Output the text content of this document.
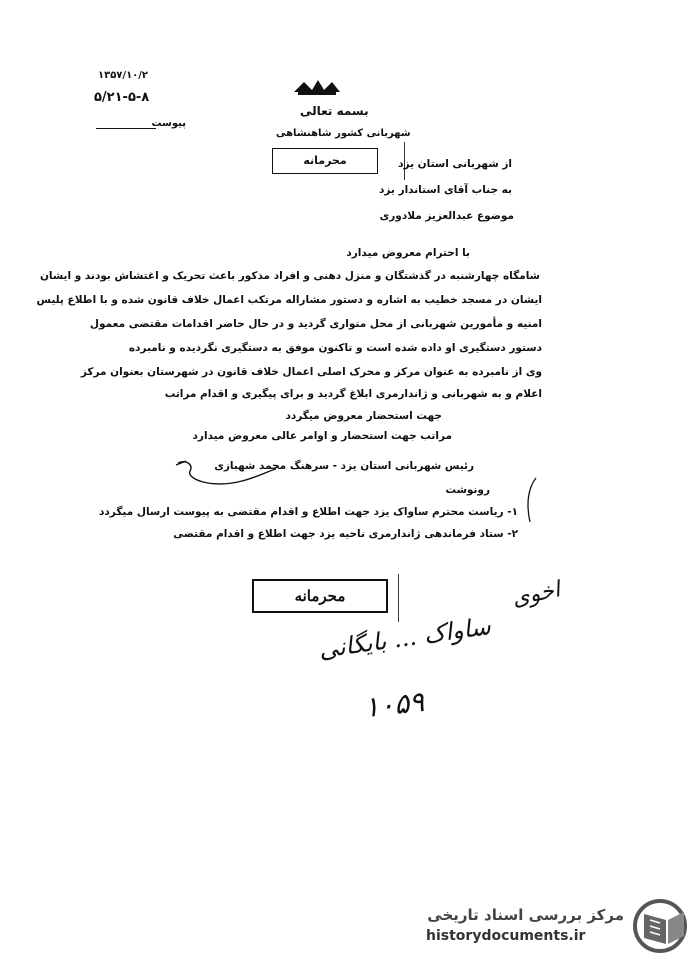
۱۳۵۷/۱۰/۲
۵/۲۱-۵-۸
پیوست
بسمه تعالی
شهربانی کشور شاهنشاهی
محرمانه	از شهربانی استان یزد
به جناب آقای استاندار یزد
موضوع عبدالعزیز ملادوری
با احترام معروض میدارد
شامگاه چهارشنبه در گذشتگان و منزل دهنی و افراد مذکور باعث تحریک و اغتشاش بودند و ایشان
ایشان در مسجد خطیب به اشاره و دستور مشاراله مرتکب اعمال خلاف قانون شده و با اطلاع پلیس
امنیه و مأمورین شهربانی از محل متواری گردید و در حال حاضر اقدامات مقتضی معمول
دستور دستگیری او داده شده است و تاکنون موفق به دستگیری نگردیده و نامبرده
وی از نامبرده به عنوان مرکز و محرک اصلی اعمال خلاف قانون در شهرستان بعنوان مرکز
اعلام و به شهربانی و ژاندارمری ابلاغ گردید و برای پیگیری و اقدام مراتب
جهت استحضار معروض میگردد
مراتب جهت استحضار و اوامر عالی معروض میدارد
رئیس شهربانی استان یزد - سرهنگ محمد شهبازی
رونوشت
۱- ریاست محترم ساواک یزد جهت اطلاع و اقدام مقتضی به پیوست ارسال میگردد
۲- ستاد فرماندهی ژاندارمری ناحیه یزد جهت اطلاع و اقدام مقتضی
محرمانه
ساواک ... بایگانی
اخوی
۱۰۵۹
مرکز بررسی اسناد تاریخی
historydocuments.ir
